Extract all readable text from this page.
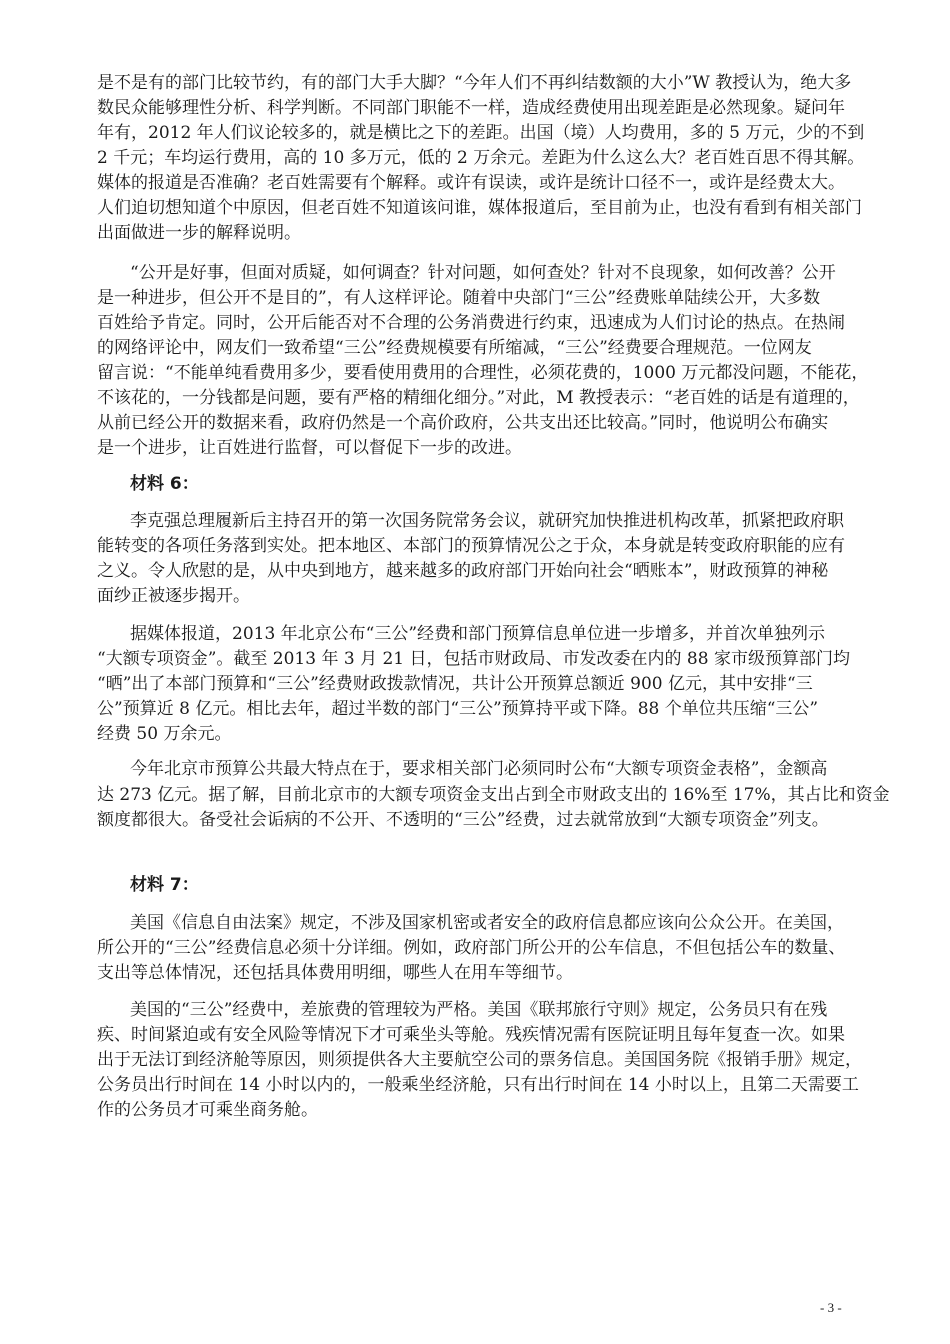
是不是有的部门比较节约，有的部门大手大脚？“今年人们不再纠结数额的大小”W 教授认为，绝大多
数民众能够理性分析、科学判断。不同部门职能不一样，造成经费使用出现差距是必然现象。疑问年
年有，2012 年人们议论较多的，就是横比之下的差距。出国（境）人均费用，多的 5 万元，少的不到
2 千元；车均运行费用，高的 10 多万元，低的 2 万余元。差距为什么这么大？老百姓百思不得其解。
媒体的报道是否准确？老百姓需要有个解释。或许有误读，或许是统计口径不一，或许是经费太大。
人们迫切想知道个中原因，但老百姓不知道该问谁，媒体报道后，至目前为止，也没有看到有相关部门
出面做进一步的解释说明。
“公开是好事，但面对质疑，如何调查？针对问题，如何查处？针对不良现象，如何改善？公开
是一种进步，但公开不是目的”，有人这样评论。随着中央部门“三公”经费账单陆续公开，大多数
百姓给予肯定。同时，公开后能否对不合理的公务消费进行约束，迅速成为人们讨论的热点。在热闹
的网络评论中，网友们一致希望“三公”经费规模要有所缩减，“三公”经费要合理规范。一位网友
留言说：“不能单纯看费用多少，要看使用费用的合理性，必须花费的，1000 万元都没问题，不能花，
不该花的，一分钱都是问题，要有严格的精细化细分。”对此，M 教授表示：“老百姓的话是有道理的，
从前已经公开的数据来看，政府仍然是一个高价政府，公共支出还比较高。”同时，他说明公布确实
是一个进步，让百姓进行监督，可以督促下一步的改进。
材料 6：
李克强总理履新后主持召开的第一次国务院常务会议，就研究加快推进机构改革，抓紧把政府职
能转变的各项任务落到实处。把本地区、本部门的预算情况公之于众，本身就是转变政府职能的应有
之义。令人欣慰的是，从中央到地方，越来越多的政府部门开始向社会“晒账本”，财政预算的神秘
面纱正被逐步揭开。
据媒体报道，2013 年北京公布“三公”经费和部门预算信息单位进一步增多，并首次单独列示
“大额专项资金”。截至 2013 年 3 月 21 日，包括市财政局、市发改委在内的 88 家市级预算部门均
“晒”出了本部门预算和“三公”经费财政拨款情况，共计公开预算总额近 900 亿元，其中安排“三
公”预算近 8 亿元。相比去年，超过半数的部门“三公”预算持平或下降。88 个单位共压缩“三公”
经费 50 万余元。
今年北京市预算公共最大特点在于，要求相关部门必须同时公布“大额专项资金表格”，金额高
达 273 亿元。据了解，目前北京市的大额专项资金支出占到全市财政支出的 16%至 17%，其占比和资金
额度都很大。备受社会诟病的不公开、不透明的“三公”经费，过去就常放到“大额专项资金”列支。
材料 7：
美国《信息自由法案》规定，不涉及国家机密或者安全的政府信息都应该向公众公开。在美国，
所公开的“三公”经费信息必须十分详细。例如，政府部门所公开的公车信息，不但包括公车的数量、
支出等总体情况，还包括具体费用明细，哪些人在用车等细节。
美国的“三公”经费中，差旅费的管理较为严格。美国《联邦旅行守则》规定，公务员只有在残
疾、时间紧迫或有安全风险等情况下才可乘坐头等舱。残疾情况需有医院证明且每年复查一次。如果
出于无法订到经济舱等原因，则须提供各大主要航空公司的票务信息。美国国务院《报销手册》规定，
公务员出行时间在 14 小时以内的，一般乘坐经济舱，只有出行时间在 14 小时以上，且第二天需要工
作的公务员才可乘坐商务舱。
- 3 -
